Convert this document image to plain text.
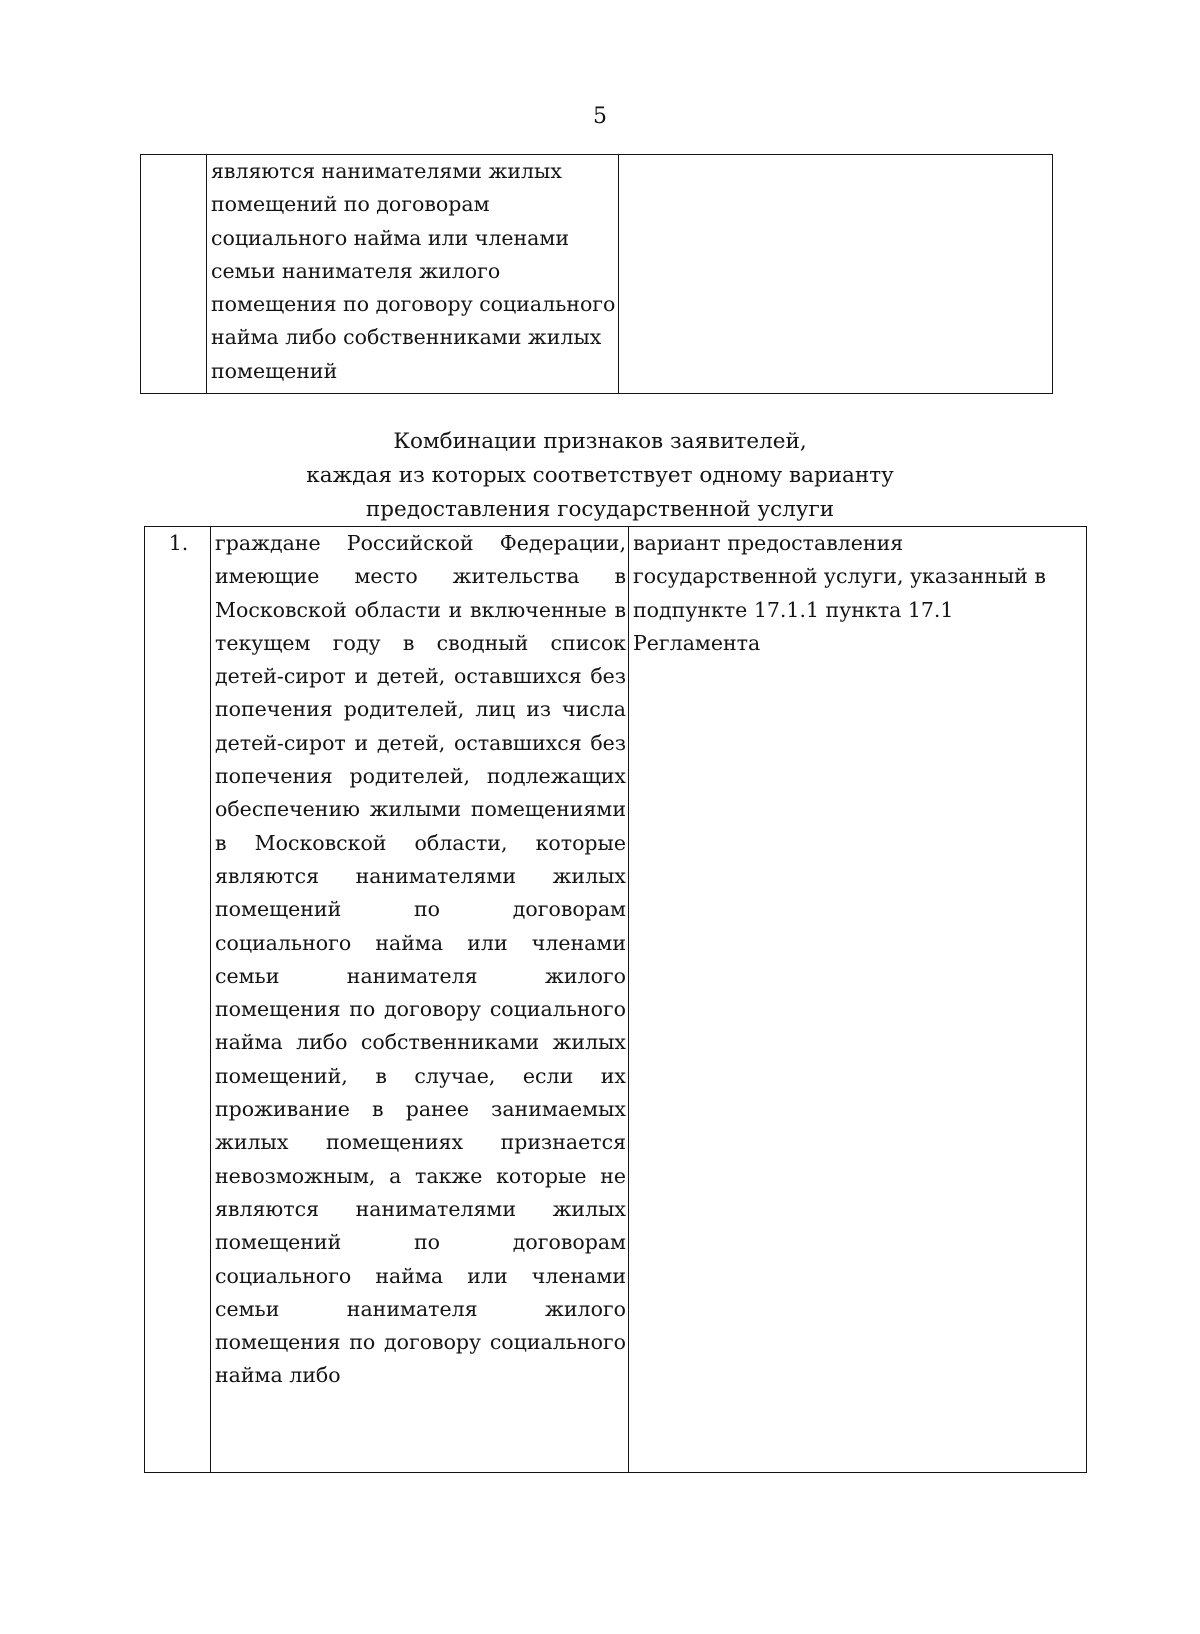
5
	являются нанимателями жилых помещений по договорам социального найма или членами семьи нанимателя жилого помещения по договору социального найма либо собственниками жилых помещений	
Комбинации признаков заявителей,
каждая из которых соответствует одному варианту
предоставления государственной услуги
1.	граждане Российской Федерации, имеющие место жительства в Московской области и включенные в текущем году в сводный список детей-сирот и детей, оставшихся без попечения родителей, лиц из числа детей-сирот и детей, оставшихся без попечения родителей, подлежащих обеспечению жилыми помещениями в Московской области, которые являются нанимателями жилых помещений по договорам социального найма или членами семьи нанимателя жилого помещения по договору социального найма либо собственниками жилых помещений, в случае, если их проживание в ранее занимаемых жилых помещениях признается невозможным, а также которые не являются нанимателями жилых помещений по договорам социального найма или членами семьи нанимателя жилого помещения по договору социального найма либо	вариант предоставления государственной услуги, указанный в подпункте 17.1.1 пункта 17.1 Регламента
